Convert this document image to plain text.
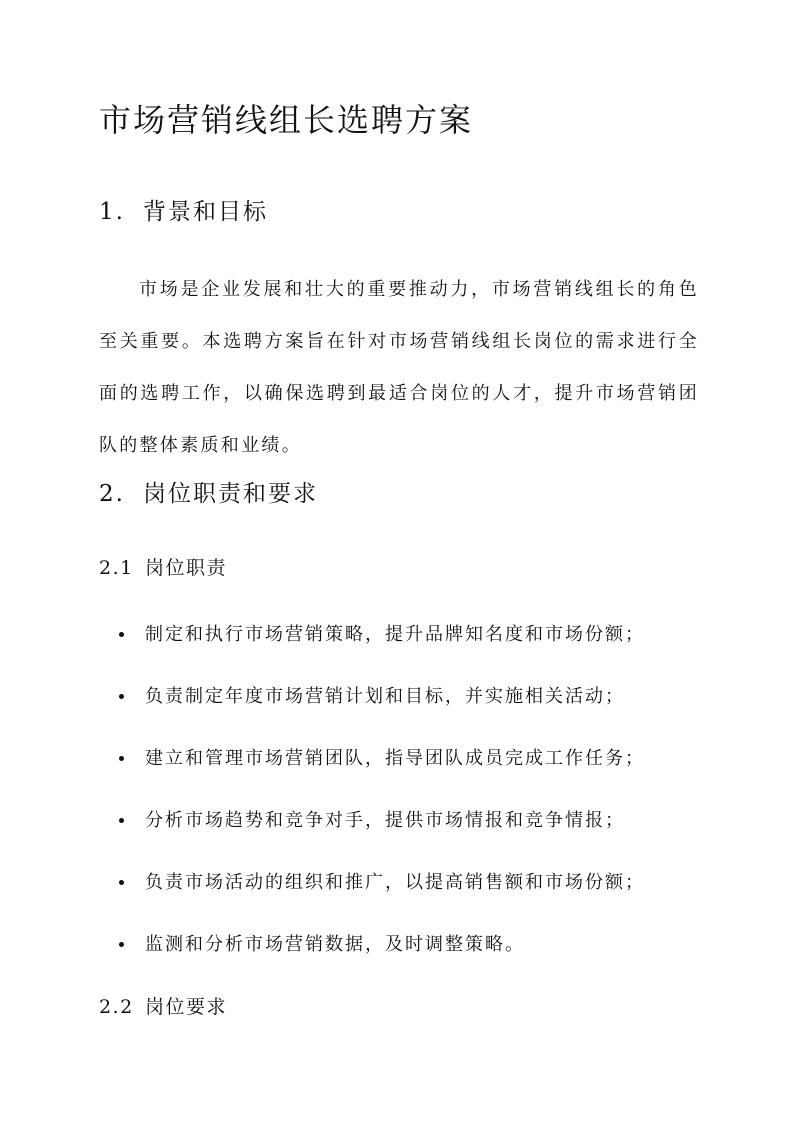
市场营销线组长选聘方案
1. 背景和目标

市场是企业发展和壮大的重要推动力，市场营销线组长的角色至关重要。本选聘方案旨在针对市场营销线组长岗位的需求进行全面的选聘工作，以确保选聘到最适合岗位的人才，提升市场营销团队的整体素质和业绩。

2. 岗位职责和要求
2.1 岗位职责
制定和执行市场营销策略，提升品牌知名度和市场份额；
负责制定年度市场营销计划和目标，并实施相关活动；
建立和管理市场营销团队，指导团队成员完成工作任务；
分析市场趋势和竞争对手，提供市场情报和竞争情报；
负责市场活动的组织和推广，以提高销售额和市场份额；
监测和分析市场营销数据，及时调整策略。
2.2 岗位要求
